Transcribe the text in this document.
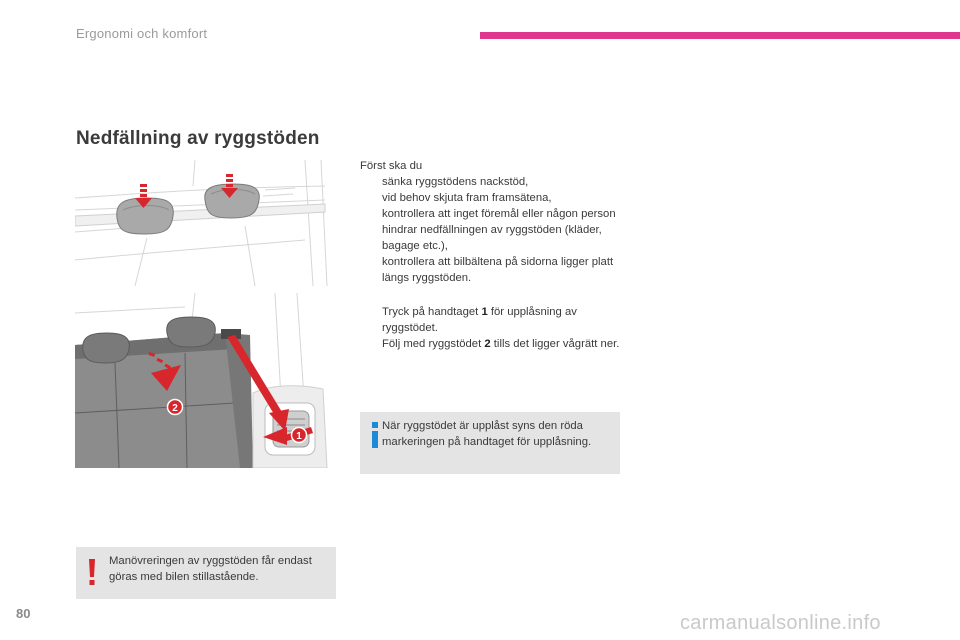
Ergonomi och komfort
Nedfällning av ryggstöden
2
1

Först ska du

sänka ryggstödens nackstöd,

vid behov skjuta fram framsätena,

kontrollera att inget föremål eller någon person hindrar nedfällningen av ryggstöden (kläder, bagage etc.),

kontrollera att bilbältena på sidorna ligger platt längs ryggstöden.

Tryck på handtaget 1 för upplåsning av ryggstödet.

Följ med ryggstödet 2 tills det ligger vågrätt ner.

När ryggstödet är upplåst syns den röda markeringen på handtaget för upplåsning.
Manövreringen av ryggstöden får endast göras med bilen stillastående.
80	carmanualsonline.info
